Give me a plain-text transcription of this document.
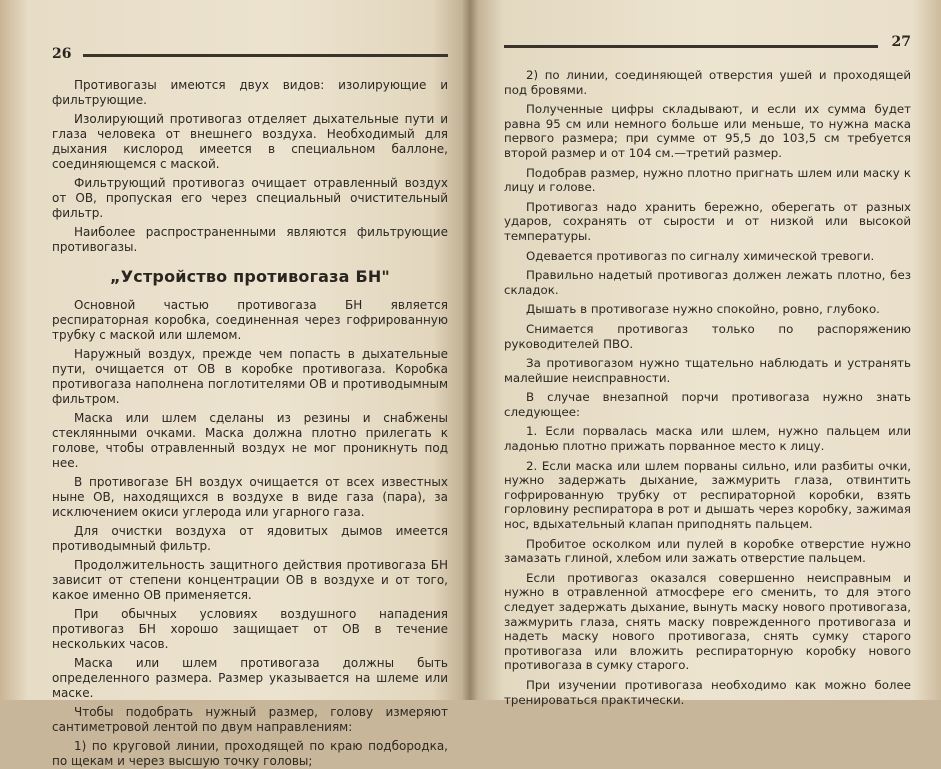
26

Противогазы имеются двух видов: изолирующие и фильтрующие.

Изолирующий противогаз отделяет дыхательные пути и глаза человека от внешнего воздуха. Необходимый для дыхания кислород имеется в специальном баллоне, соединяющемся с маской.

Фильтрующий противогаз очищает отравленный воздух от ОВ, пропуская его через специальный очистительный фильтр.

Наиболее распространенными являются фильтрующие противогазы.

„Устройство противогаза БН"

Основной частью противогаза БН является респираторная коробка, соединенная через гофрированную трубку с маской или шлемом.

Наружный воздух, прежде чем попасть в дыхательные пути, очищается от ОВ в коробке противогаза. Коробка противогаза наполнена поглотителями ОВ и противодымным фильтром.

Маска или шлем сделаны из резины и снабжены стеклянными очками. Маска должна плотно прилегать к голове, чтобы отравленный воздух не мог проникнуть под нее.

В противогазе БН воздух очищается от всех известных ныне ОВ, находящихся в воздухе в виде газа (пара), за исключением окиси углерода или угарного газа.

Для очистки воздуха от ядовитых дымов имеется противодымный фильтр.

Продолжительность защитного действия противогаза БН зависит от степени концентрации ОВ в воздухе и от того, какое именно ОВ применяется.

При обычных условиях воздушного нападения противогаз БН хорошо защищает от ОВ в течение нескольких часов.

Маска или шлем противогаза должны быть определенного размера. Размер указывается на шлеме или маске.

Чтобы подобрать нужный размер, голову измеряют сантиметровой лентой по двум направлениям:

1) по круговой линии, проходящей по краю подбородка, по щекам и через высшую точку головы;

27

2) по линии, соединяющей отверстия ушей и проходящей под бровями.

Полученные цифры складывают, и если их сумма будет равна 95 см или немного больше или меньше, то нужна маска первого размера; при сумме от 95,5 до 103,5 см требуется второй размер и от 104 см.—третий размер.

Подобрав размер, нужно плотно пригнать шлем или маску к лицу и голове.

Противогаз надо хранить бережно, оберегать от разных ударов, сохранять от сырости и от низкой или высокой температуры.

Одевается противогаз по сигналу химической тревоги.

Правильно надетый противогаз должен лежать плотно, без складок.

Дышать в противогазе нужно спокойно, ровно, глубоко.

Снимается противогаз только по распоряжению руководителей ПВО.

За противогазом нужно тщательно наблюдать и устранять малейшие неисправности.

В случае внезапной порчи противогаза нужно знать следующее:

1. Если порвалась маска или шлем, нужно пальцем или ладонью плотно прижать порванное место к лицу.

2. Если маска или шлем порваны сильно, или разбиты очки, нужно задержать дыхание, зажмурить глаза, отвинтить гофрированную трубку от респираторной коробки, взять горловину респиратора в рот и дышать через коробку, зажимая нос, вдыхательный клапан приподнять пальцем.

Пробитое осколком или пулей в коробке отверстие нужно замазать глиной, хлебом или зажать отверстие пальцем.

Если противогаз оказался совершенно неисправным и нужно в отравленной атмосфере его сменить, то для этого следует задержать дыхание, вынуть маску нового противогаза, зажмурить глаза, снять маску поврежденного противогаза и надеть маску нового противогаза, снять сумку старого противогаза или вложить респираторную коробку нового противогаза в сумку старого.

При изучении противогаза необходимо как можно более тренироваться практически.
